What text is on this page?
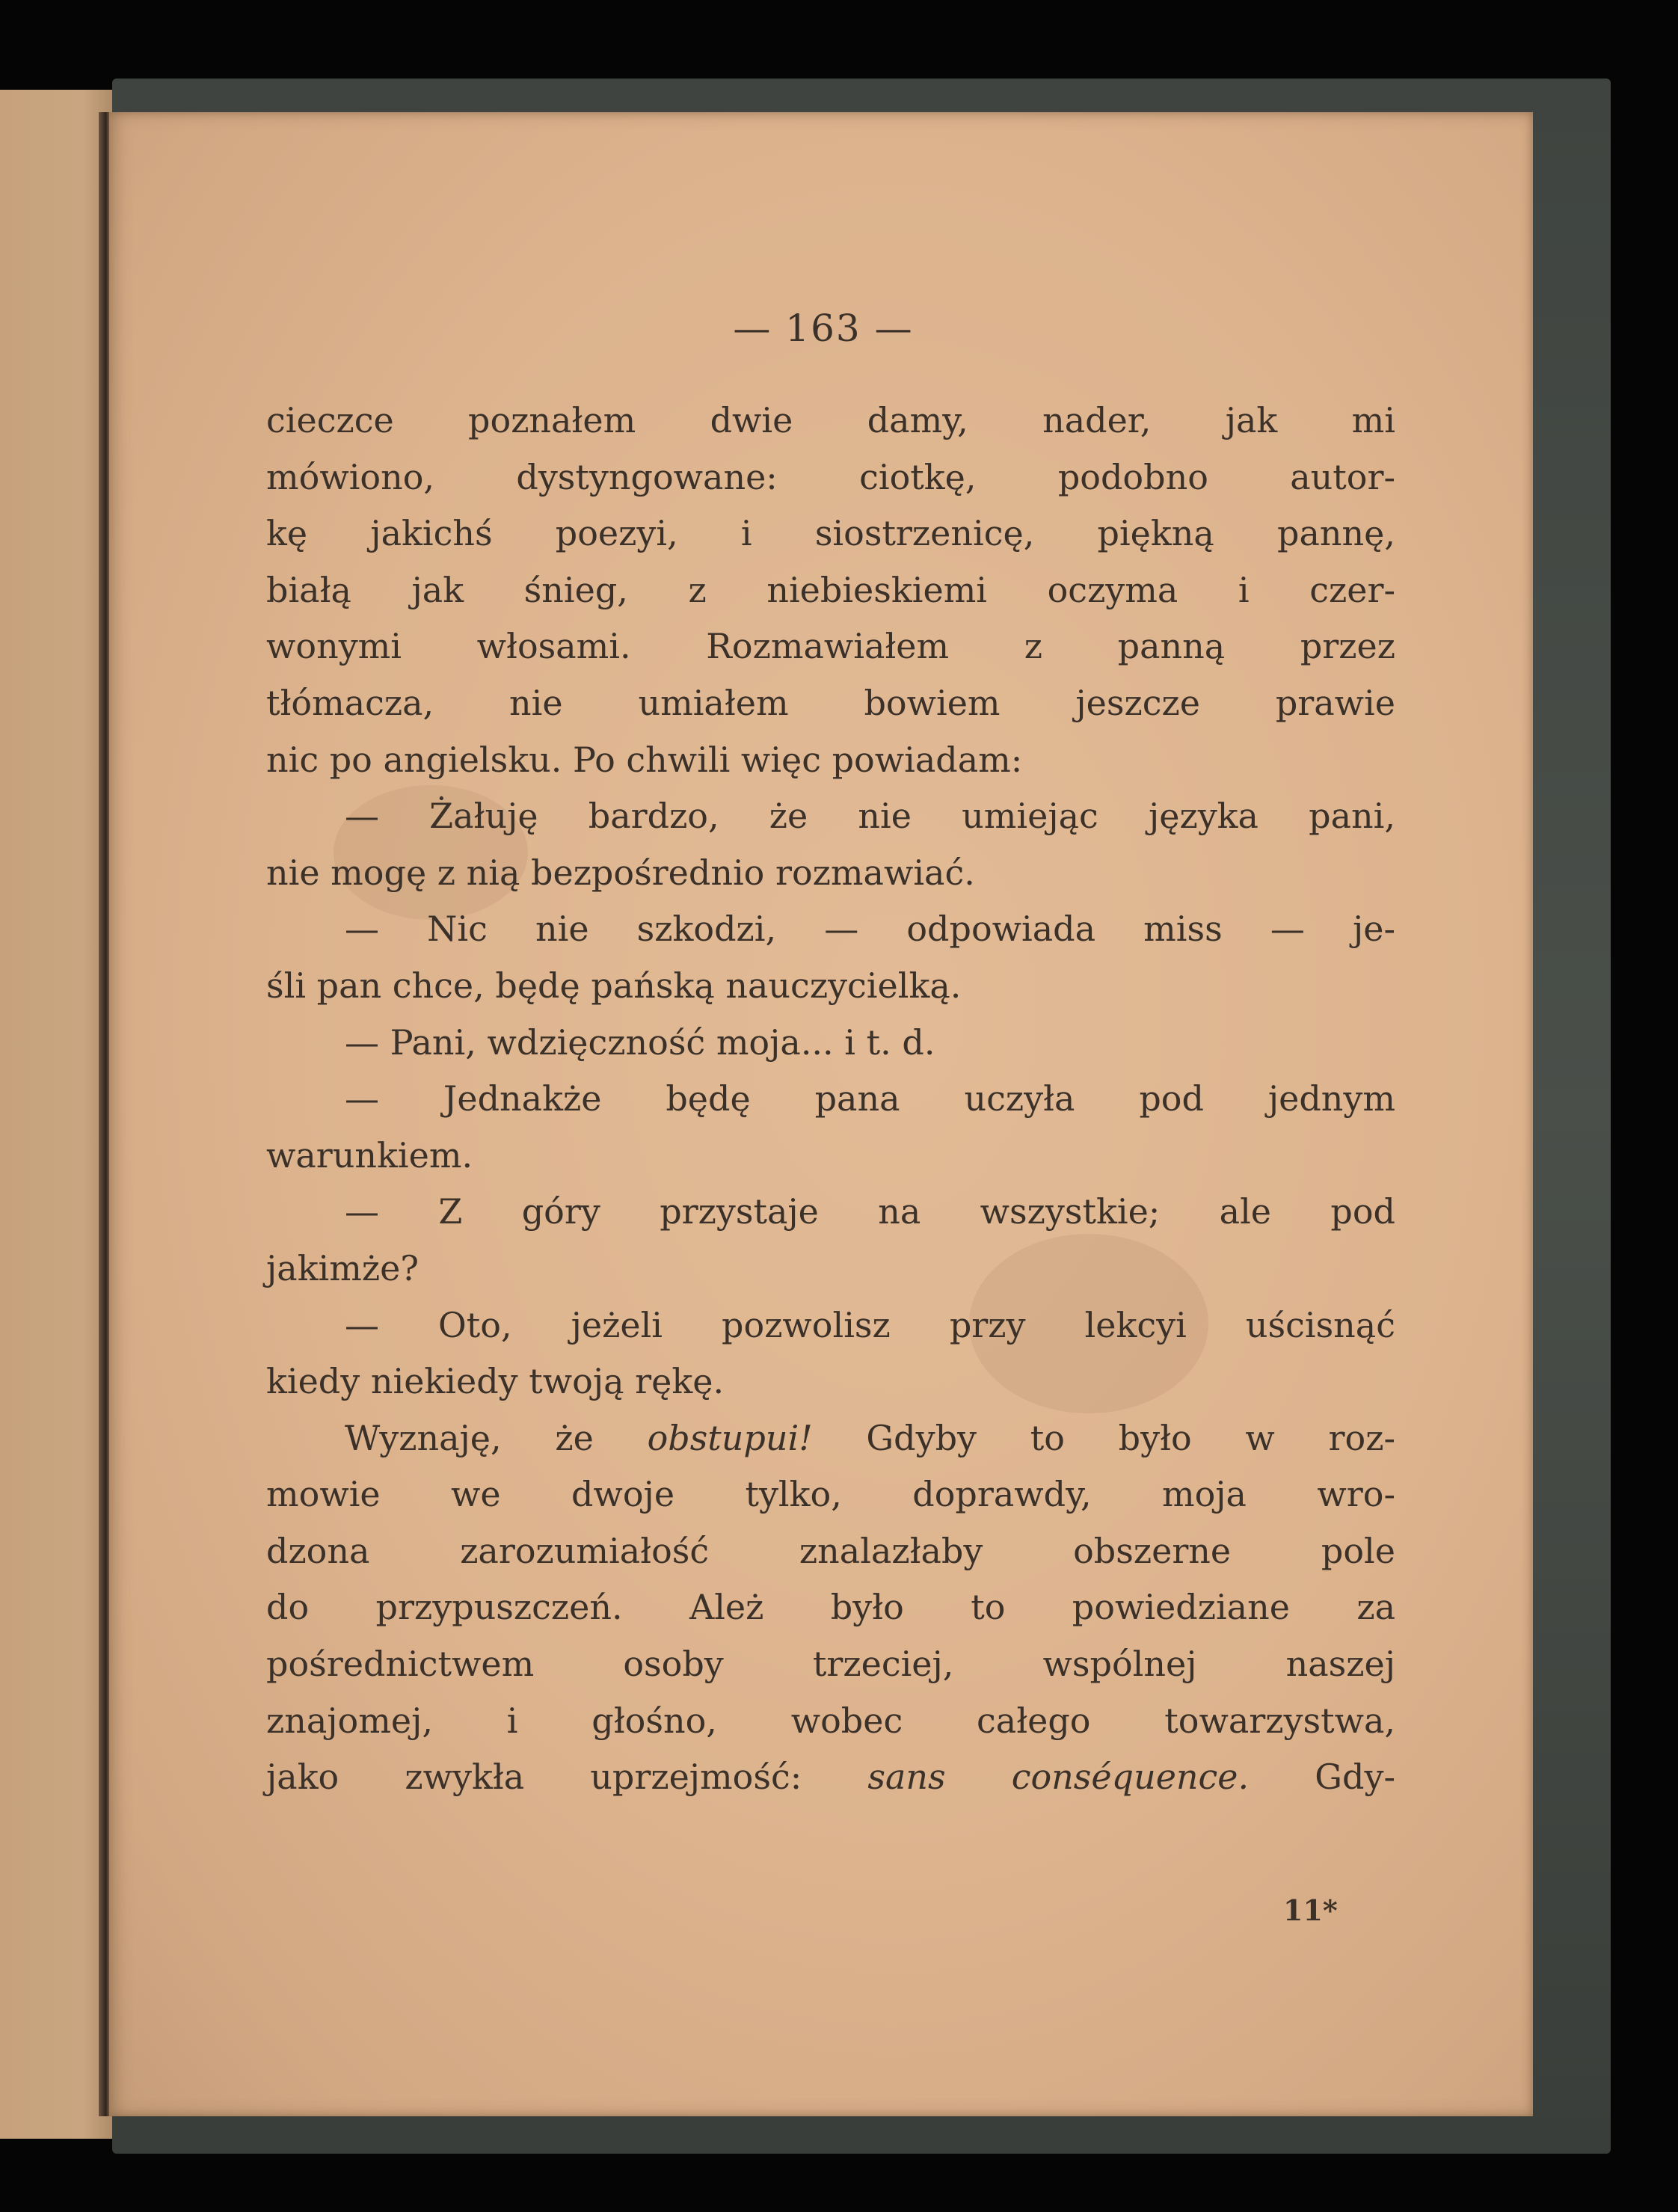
— 163 —
cieczce poznałem dwie damy, nader, jak mi
mówiono, dystyngowane: ciotkę, podobno autor-
kę jakichś poezyi, i siostrzenicę, piękną pannę,
białą jak śnieg, z niebieskiemi oczyma i czer-
wonymi włosami. Rozmawiałem z panną przez
tłómacza, nie umiałem bowiem jeszcze prawie
nic po angielsku. Po chwili więc powiadam:
— Żałuję bardzo, że nie umiejąc języka pani,
nie mogę z nią bezpośrednio rozmawiać.
— Nic nie szkodzi, — odpowiada miss — je-
śli pan chce, będę pańską nauczycielką.
— Pani, wdzięczność moja... i t. d.
— Jednakże będę pana uczyła pod jednym
warunkiem.
— Z góry przystaje na wszystkie; ale pod
jakimże?
— Oto, jeżeli pozwolisz przy lekcyi uścisnąć
kiedy niekiedy twoją rękę.
Wyznaję, że obstupui! Gdyby to było w roz-
mowie we dwoje tylko, doprawdy, moja wro-
dzona zarozumiałość znalazłaby obszerne pole
do przypuszczeń. Ależ było to powiedziane za
pośrednictwem osoby trzeciej, wspólnej naszej
znajomej, i głośno, wobec całego towarzystwa,
jako zwykła uprzejmość: sans conséquence. Gdy-
11*
